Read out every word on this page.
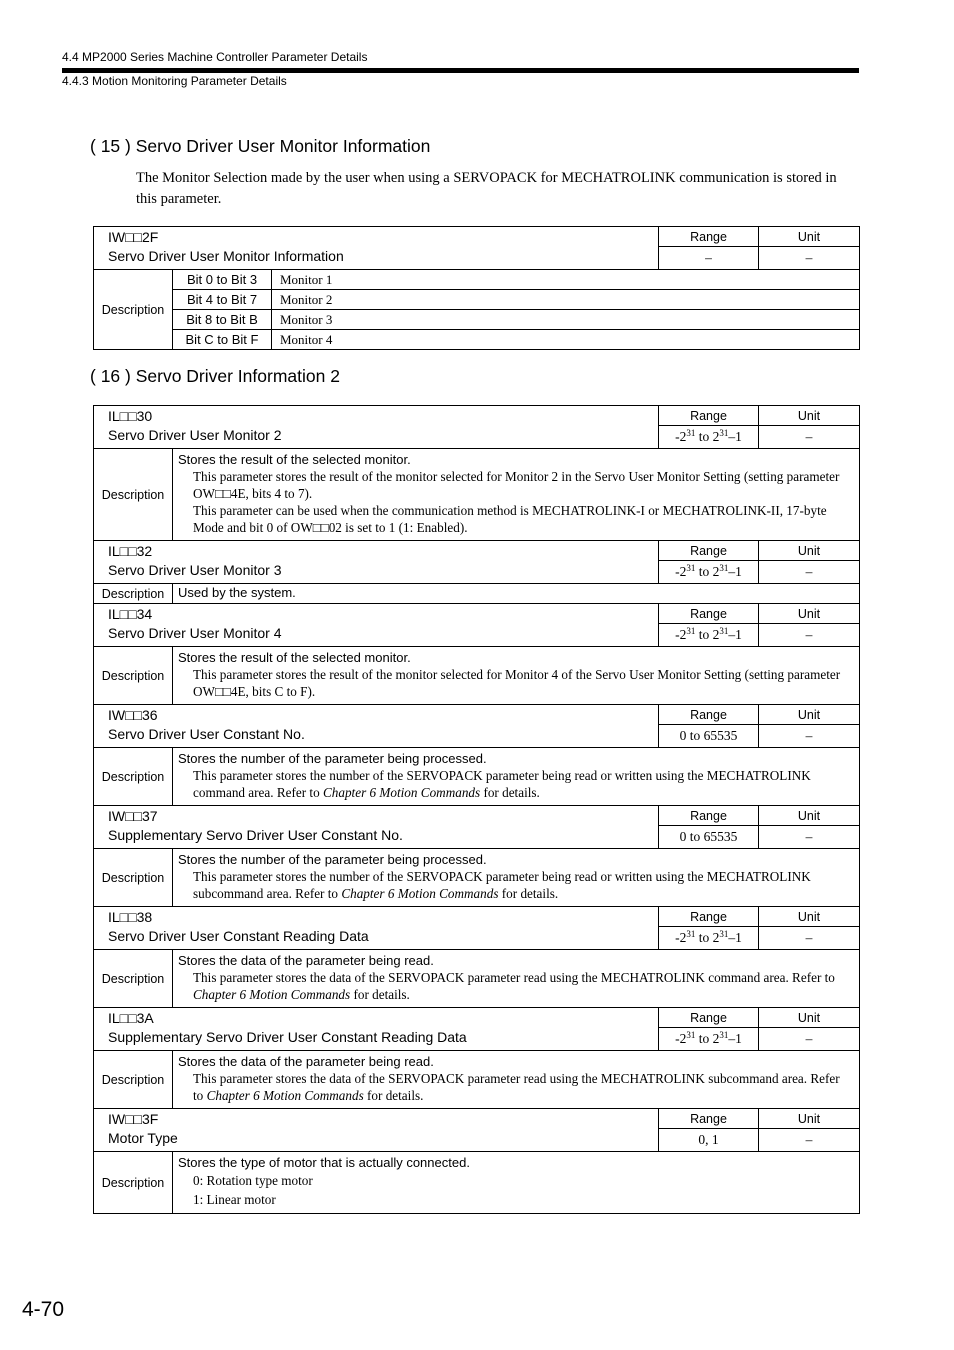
4.4 MP2000 Series Machine Controller Parameter Details
4.4.3 Motion Monitoring Parameter Details
( 15 ) Servo Driver User Monitor Information
The Monitor Selection made by the user when using a SERVOPACK for MECHATROLINK communication is stored in this parameter.
IW□□2F
Servo Driver User Monitor Information			Range	Unit
			–	–
Description	Bit 0 to Bit 3	Monitor 1		
	Bit 4 to Bit 7	Monitor 2		
	Bit 8 to Bit B	Monitor 3		
	Bit C to Bit F	Monitor 4		
( 16 ) Servo Driver Information 2
IL□□30
Servo Driver User Monitor 2		Range	Unit
		$-2^{31}$ to $2^{31}-1$	–
Description	Stores the result of the selected monitor.
This parameter stores the result of the monitor selected for Monitor 2 in the Servo User Monitor Setting (setting parameter OW□□4E, bits 4 to 7).
This parameter can be used when the communication method is MECHATROLINK-I or MECHATROLINK-II, 17-byte Mode and bit 0 of OW□□02 is set to 1 (1: Enabled).		

IL□□32
Servo Driver User Monitor 3		Range	Unit
		$-2^{31}$ to $2^{31}-1$	–
Description	Used by the system.		

IL□□34
Servo Driver User Monitor 4		Range	Unit
		$-2^{31}$ to $2^{31}-1$	–
Description	Stores the result of the selected monitor.
This parameter stores the result of the monitor selected for Monitor 4 of the Servo User Monitor Setting (setting parameter OW□□4E, bits C to F).		

IW□□36
Servo Driver User Constant No.		Range	Unit
		0 to 65535	–
Description	Stores the number of the parameter being processed.
This parameter stores the number of the SERVOPACK parameter being read or written using the MECHATROLINK command area. Refer to Chapter 6 Motion Commands for details.		

IW□□37
Supplementary Servo Driver User Constant No.		Range	Unit
		0 to 65535	–
Description	Stores the number of the parameter being processed.
This parameter stores the number of the SERVOPACK parameter being read or written using the MECHATROLINK subcommand area. Refer to Chapter 6 Motion Commands for details.		

IL□□38
Servo Driver User Constant Reading Data		Range	Unit
		$-2^{31}$ to $2^{31}-1$	–
Description	Stores the data of the parameter being read.
This parameter stores the data of the SERVOPACK parameter read using the MECHATROLINK command area. Refer to Chapter 6 Motion Commands for details.		

IL□□3A
Supplementary Servo Driver User Constant Reading Data		Range	Unit
		$-2^{31}$ to $2^{31}-1$	–
Description	Stores the data of the parameter being read.
This parameter stores the data of the SERVOPACK parameter read using the MECHATROLINK subcommand area. Refer to Chapter 6 Motion Commands for details.		

IW□□3F
Motor Type		Range	Unit
		0, 1	–
Description	Stores the type of motor that is actually connected.
0: Rotation type motor
1: Linear motor		
4-70
